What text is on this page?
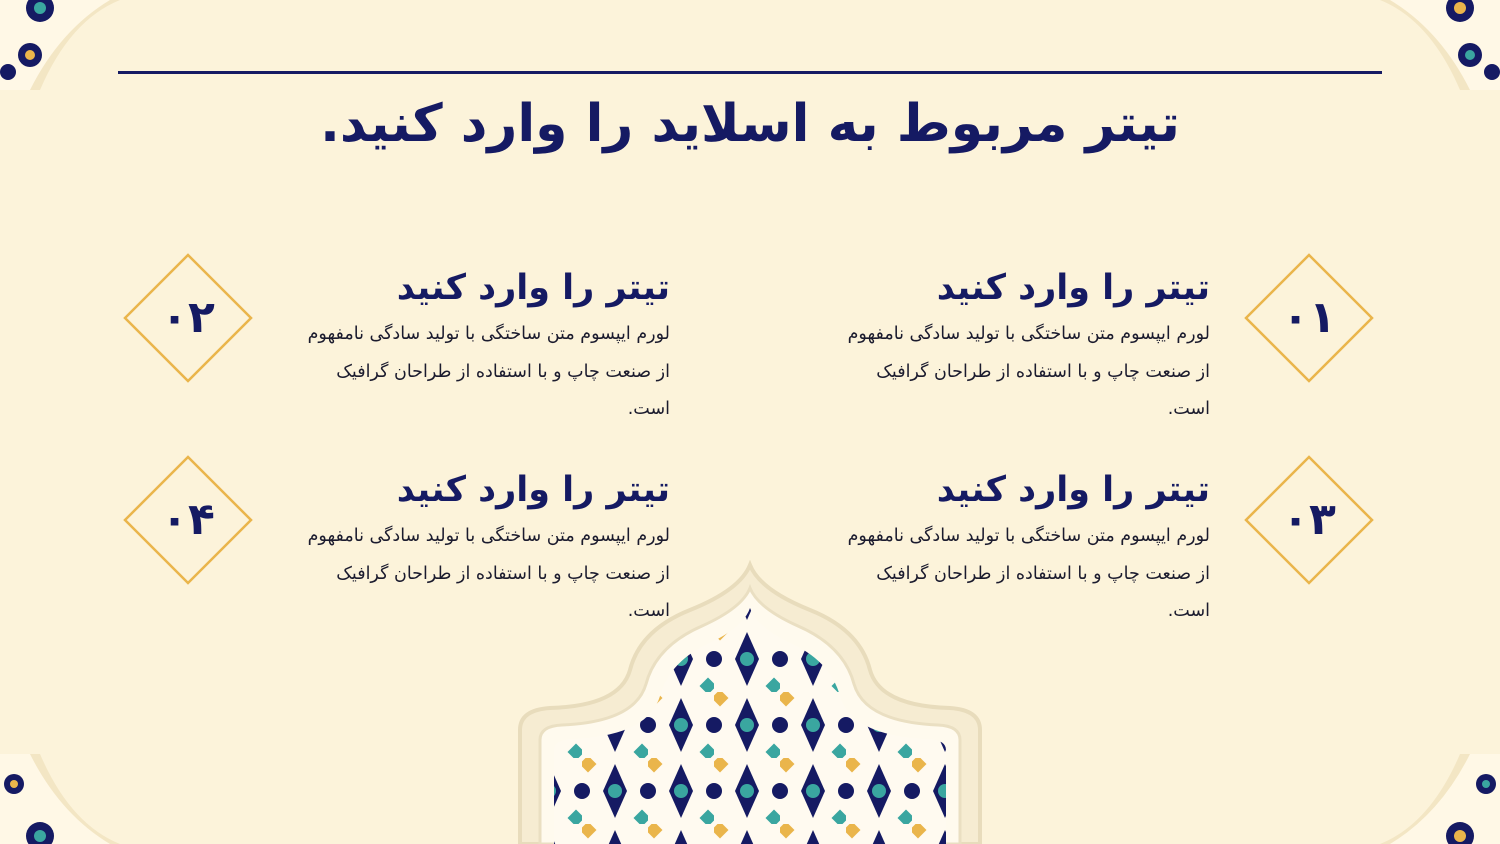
تیتر مربوط به اسلاید را وارد کنید.
۰۱
تیتر را وارد کنید

لورم ایپسوم متن ساختگی با تولید سادگی نامفهوم از صنعت چاپ و با استفاده از طراحان گرافیک است.

۰۲
تیتر را وارد کنید

لورم ایپسوم متن ساختگی با تولید سادگی نامفهوم از صنعت چاپ و با استفاده از طراحان گرافیک است.

۰۳
تیتر را وارد کنید

لورم ایپسوم متن ساختگی با تولید سادگی نامفهوم از صنعت چاپ و با استفاده از طراحان گرافیک است.

۰۴
تیتر را وارد کنید

لورم ایپسوم متن ساختگی با تولید سادگی نامفهوم از صنعت چاپ و با استفاده از طراحان گرافیک است.
